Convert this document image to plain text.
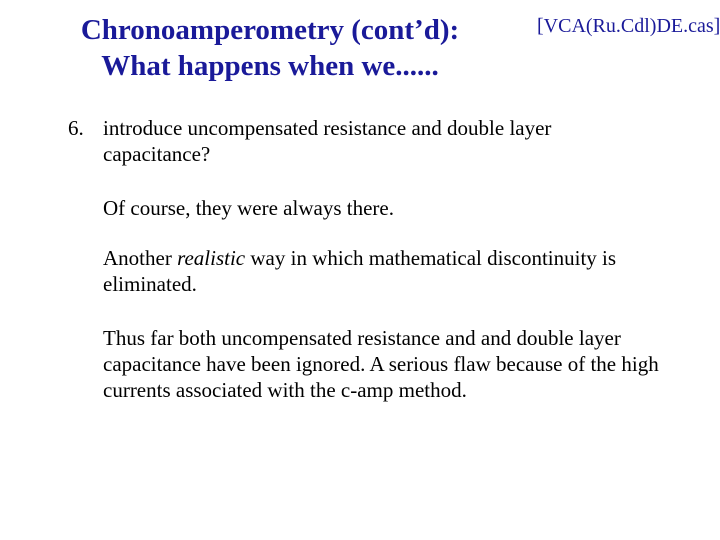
Chronoamperometry (cont’d):
What happens when we......
[VCA(Ru.Cdl)DE.cas]
6. introduce uncompensated resistance and double layer capacitance?

Of course, they were always there.

Another realistic way in which mathematical discontinuity is eliminated.

Thus far both uncompensated resistance and and double layer capacitance have been ignored. A serious flaw because of the high currents associated with the c-amp method.
